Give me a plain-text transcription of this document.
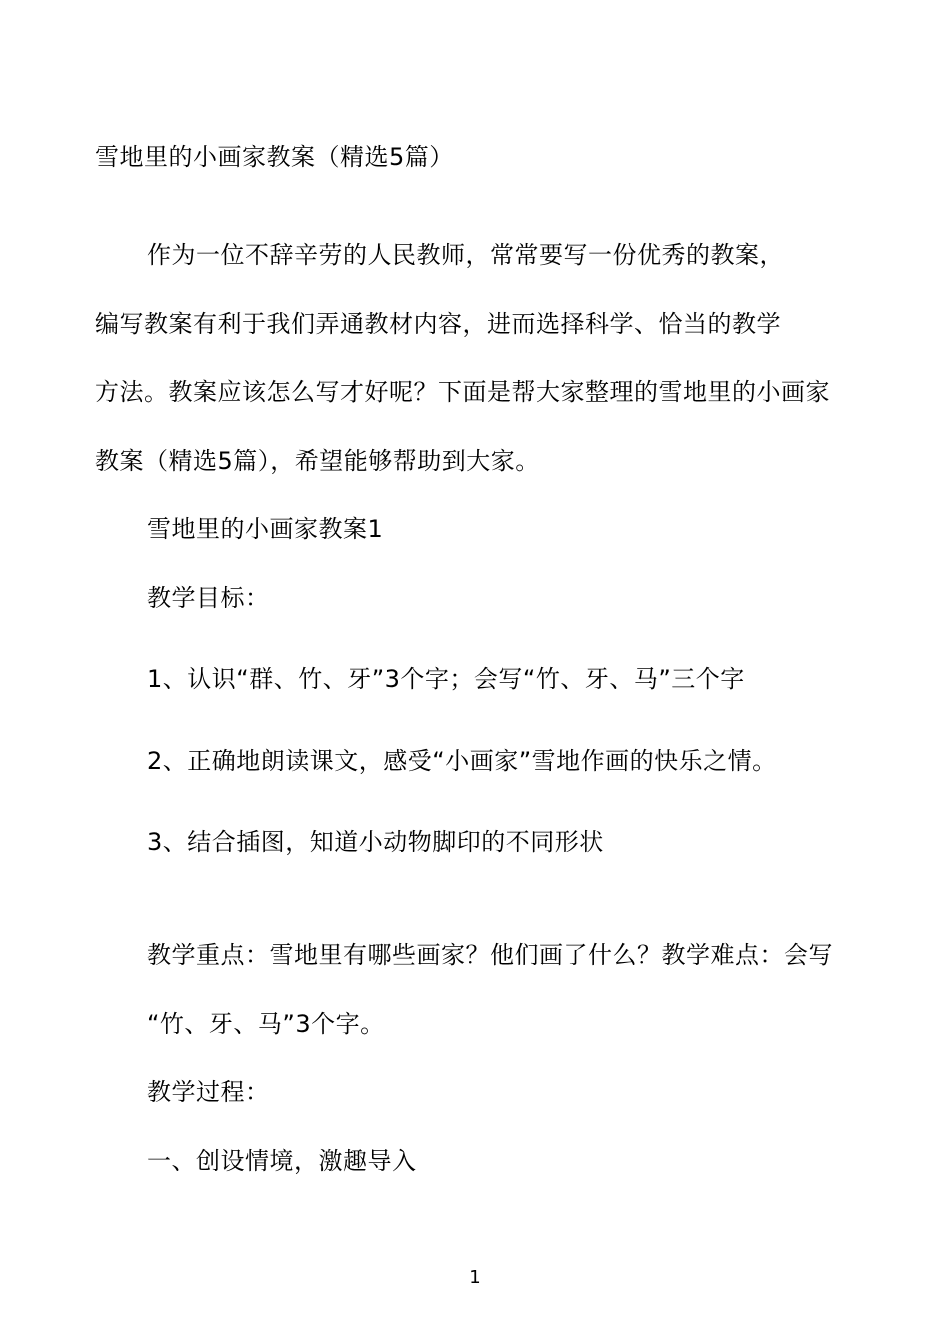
雪地里的小画家教案（精选5篇）
作为一位不辞辛劳的人民教师，常常要写一份优秀的教案，
编写教案有利于我们弄通教材内容，进而选择科学、恰当的教学
方法。教案应该怎么写才好呢？下面是帮大家整理的雪地里的小画家
教案（精选5篇），希望能够帮助到大家。
雪地里的小画家教案1
教学目标：
1、认识“群、竹、牙”3个字；会写“竹、牙、马”三个字
2、正确地朗读课文，感受“小画家”雪地作画的快乐之情。
3、结合插图，知道小动物脚印的不同形状
教学重点：雪地里有哪些画家？他们画了什么？教学难点：会写
“竹、牙、马”3个字。
教学过程：
一、创设情境，激趣导入
1
